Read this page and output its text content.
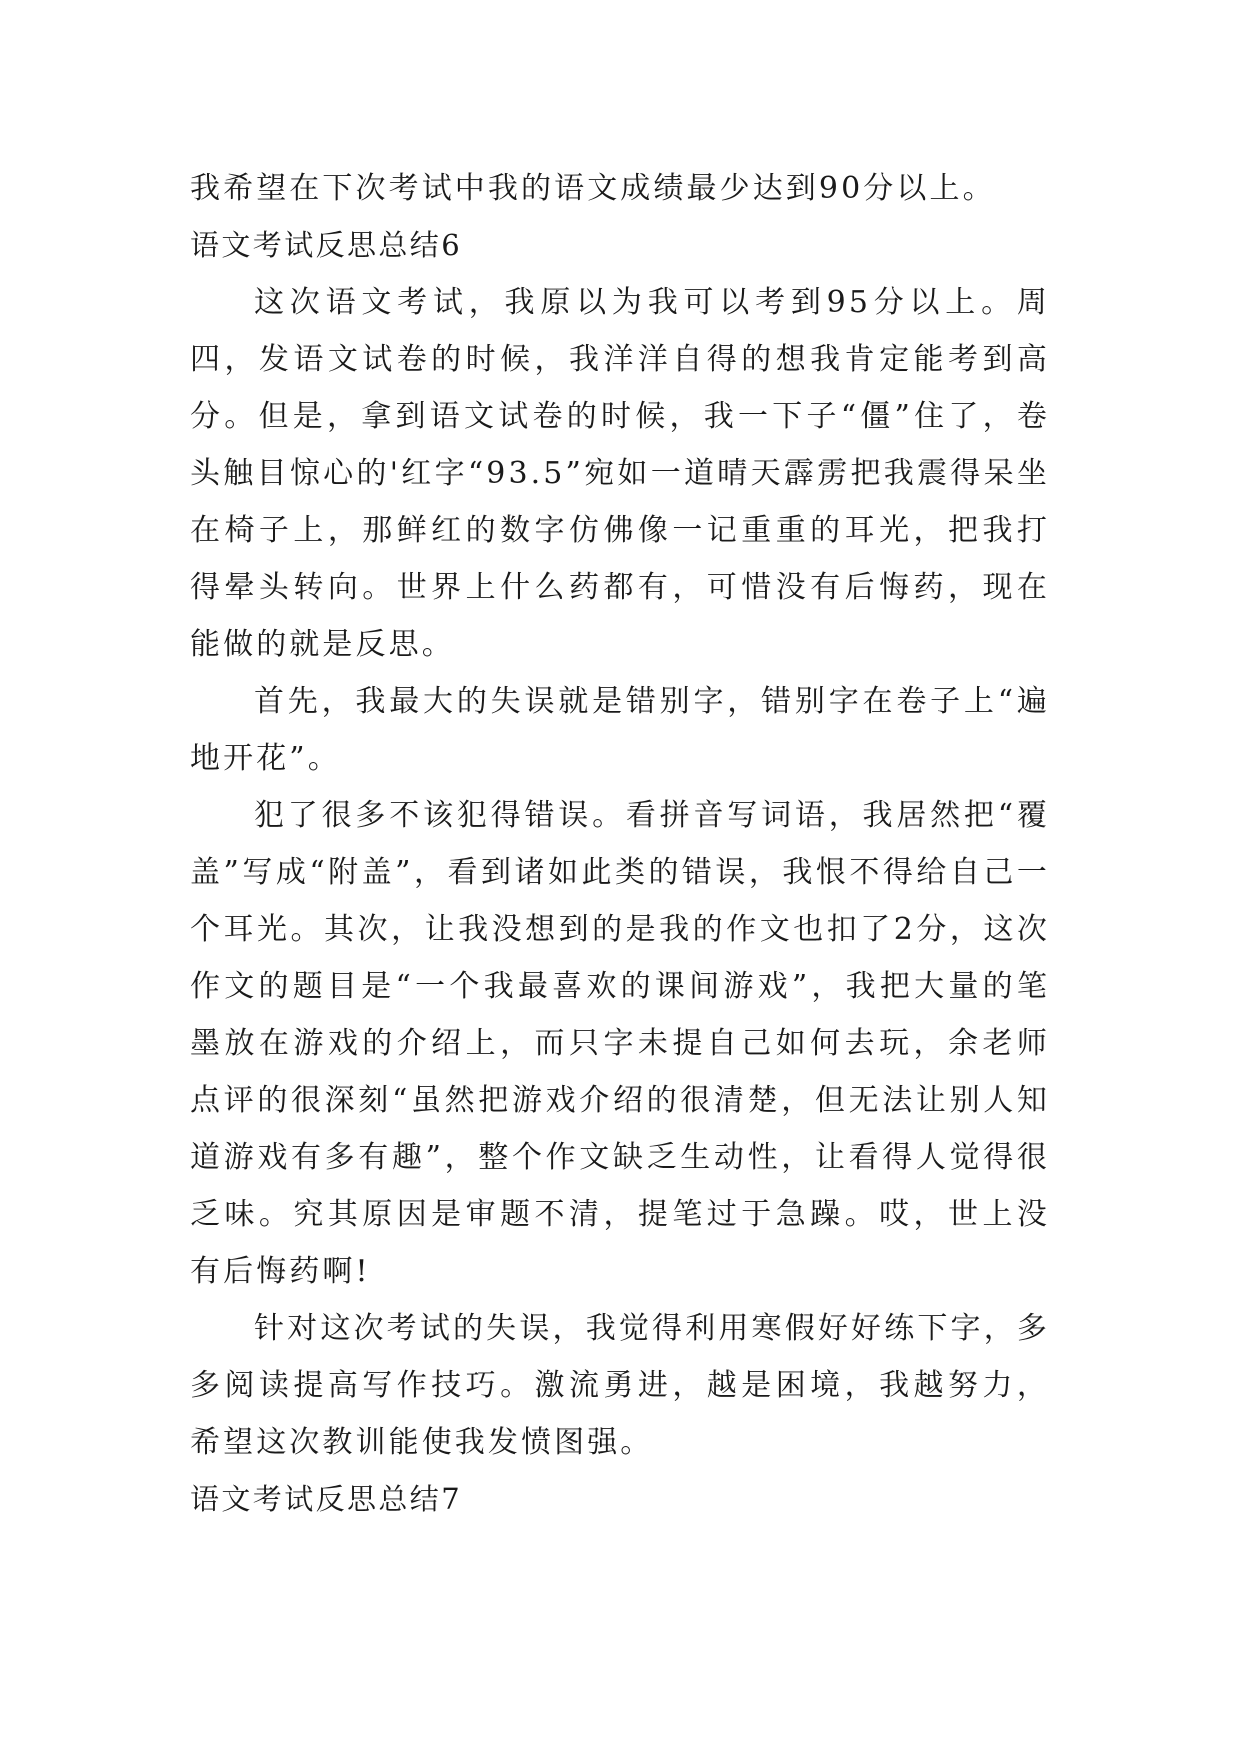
我希望在下次考试中我的语文成绩最少达到90分以上。

语文考试反思总结6

这次语文考试，我原以为我可以考到95分以上。周四，发语文试卷的时候，我洋洋自得的想我肯定能考到高分。但是，拿到语文试卷的时候，我一下子“僵”住了，卷头触目惊心的'红字“93.5”宛如一道晴天霹雳把我震得呆坐在椅子上，那鲜红的数字仿佛像一记重重的耳光，把我打得晕头转向。世界上什么药都有，可惜没有后悔药，现在能做的就是反思。

首先，我最大的失误就是错别字，错别字在卷子上“遍地开花”。

犯了很多不该犯得错误。看拼音写词语，我居然把“覆盖”写成“附盖”，看到诸如此类的错误，我恨不得给自己一个耳光。其次，让我没想到的是我的作文也扣了2分，这次作文的题目是“一个我最喜欢的课间游戏”，我把大量的笔墨放在游戏的介绍上，而只字未提自己如何去玩，余老师点评的很深刻“虽然把游戏介绍的很清楚，但无法让别人知道游戏有多有趣”，整个作文缺乏生动性，让看得人觉得很乏味。究其原因是审题不清，提笔过于急躁。哎，世上没有后悔药啊!

针对这次考试的失误，我觉得利用寒假好好练下字，多多阅读提高写作技巧。激流勇进，越是困境，我越努力，希望这次教训能使我发愤图强。

语文考试反思总结7
